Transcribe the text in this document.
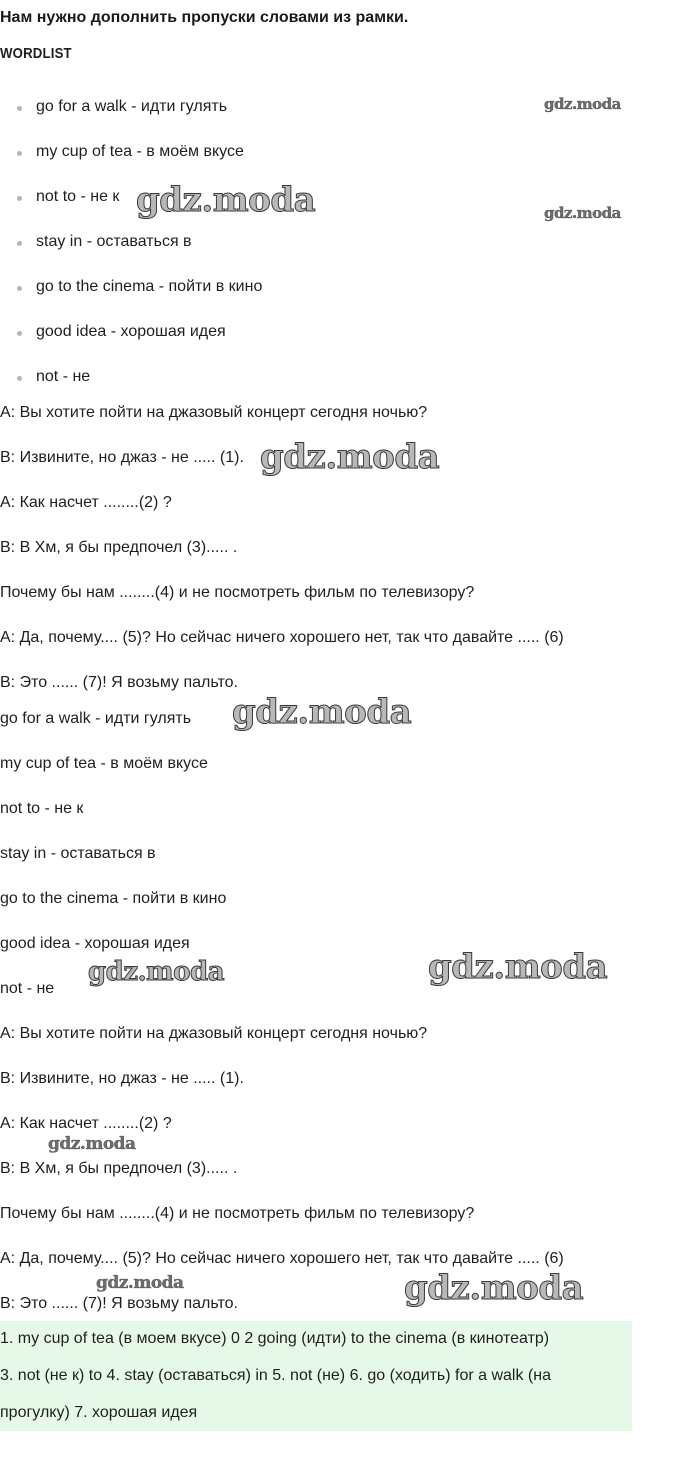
Нам нужно дополнить пропуски словами из рамки.
WORDLIST
go for a walk - идти гулять
my cup of tea - в моём вкусе
not to - не к
stay in - оставаться в
go to the cinema - пойти в кино
good idea - хорошая идея
not - не
A: Вы хотите пойти на джазовый концерт сегодня ночью?
B: Извините, но джаз - не ..... (1).
A: Как насчет ........(2) ?
B: В Хм, я бы предпочел (3)..... .
Почему бы нам ........(4) и не посмотреть фильм по телевизору?
A: Да, почему.... (5)? Но сейчас ничего хорошего нет, так что давайте ..... (6)
B: Это ...... (7)! Я возьму пальто.
go for a walk - идти гулять
my cup of tea - в моём вкусе
not to - не к
stay in - оставаться в
go to the cinema - пойти в кино
good idea - хорошая идея
not - не
A: Вы хотите пойти на джазовый концерт сегодня ночью?
B: Извините, но джаз - не ..... (1).
A: Как насчет ........(2) ?
B: В Хм, я бы предпочел (3)..... .
Почему бы нам ........(4) и не посмотреть фильм по телевизору?
A: Да, почему.... (5)? Но сейчас ничего хорошего нет, так что давайте ..... (6)
B: Это ...... (7)! Я возьму пальто.
1. my cup of tea (в моем вкусе) 0 2 going (идти) to the cinema (в кинотеатр)
3. not (не к) to 4. stay (оставаться) in 5. not (не) 6. go (ходить) for a walk (на
прогулку) 7. хорошая идея
gdz.moda
gdz.moda	gdz.moda
gdz.moda
gdz.moda
gdz.moda	gdz.moda
gdz.moda
gdz.moda	gdz.moda
